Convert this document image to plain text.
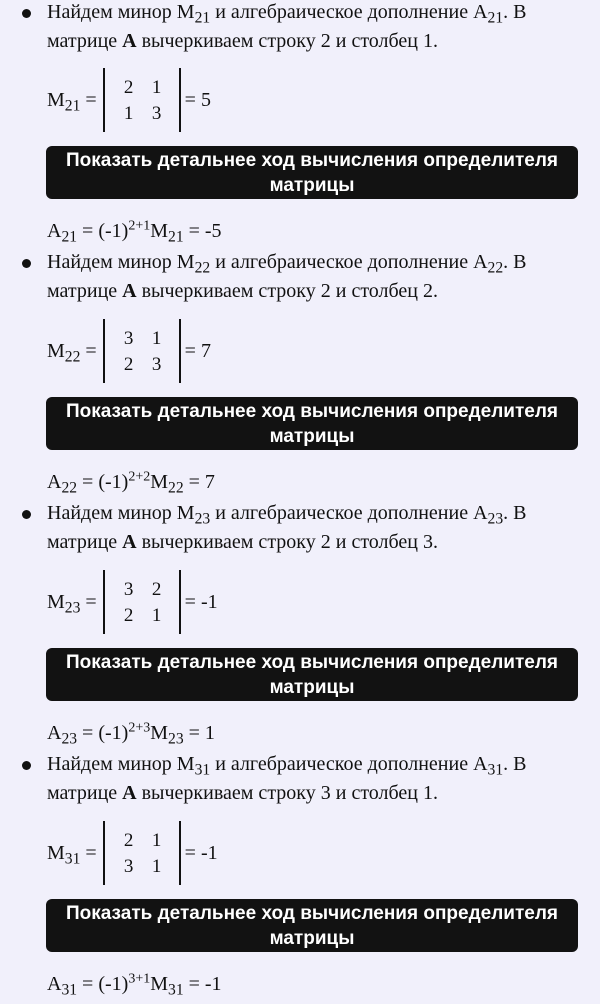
Найдем минор $M_{21}$ и алгебраическое дополнение $A_{21}$. В
матрице A вычеркиваем строку 2 и столбец 1.
$M_{21}$ =
2 1
1 3
= 5
Показать детальнее ход вычисления определителя матрицы
$A_{21} = (-1)^{2+1}M_{21} = -5$
Найдем минор $M_{22}$ и алгебраическое дополнение $A_{22}$. В
матрице A вычеркиваем строку 2 и столбец 2.
$M_{22}$ =
3 1
2 3
= 7
Показать детальнее ход вычисления определителя матрицы
$A_{22} = (-1)^{2+2}M_{22} = 7$
Найдем минор $M_{23}$ и алгебраическое дополнение $A_{23}$. В
матрице A вычеркиваем строку 2 и столбец 3.
$M_{23}$ =
3 2
2 1
= -1
Показать детальнее ход вычисления определителя матрицы
$A_{23} = (-1)^{2+3}M_{23} = 1$
Найдем минор $M_{31}$ и алгебраическое дополнение $A_{31}$. В
матрице A вычеркиваем строку 3 и столбец 1.
$M_{31}$ =
2 1
3 1
= -1
Показать детальнее ход вычисления определителя матрицы
$A_{31} = (-1)^{3+1}M_{31} = -1$
